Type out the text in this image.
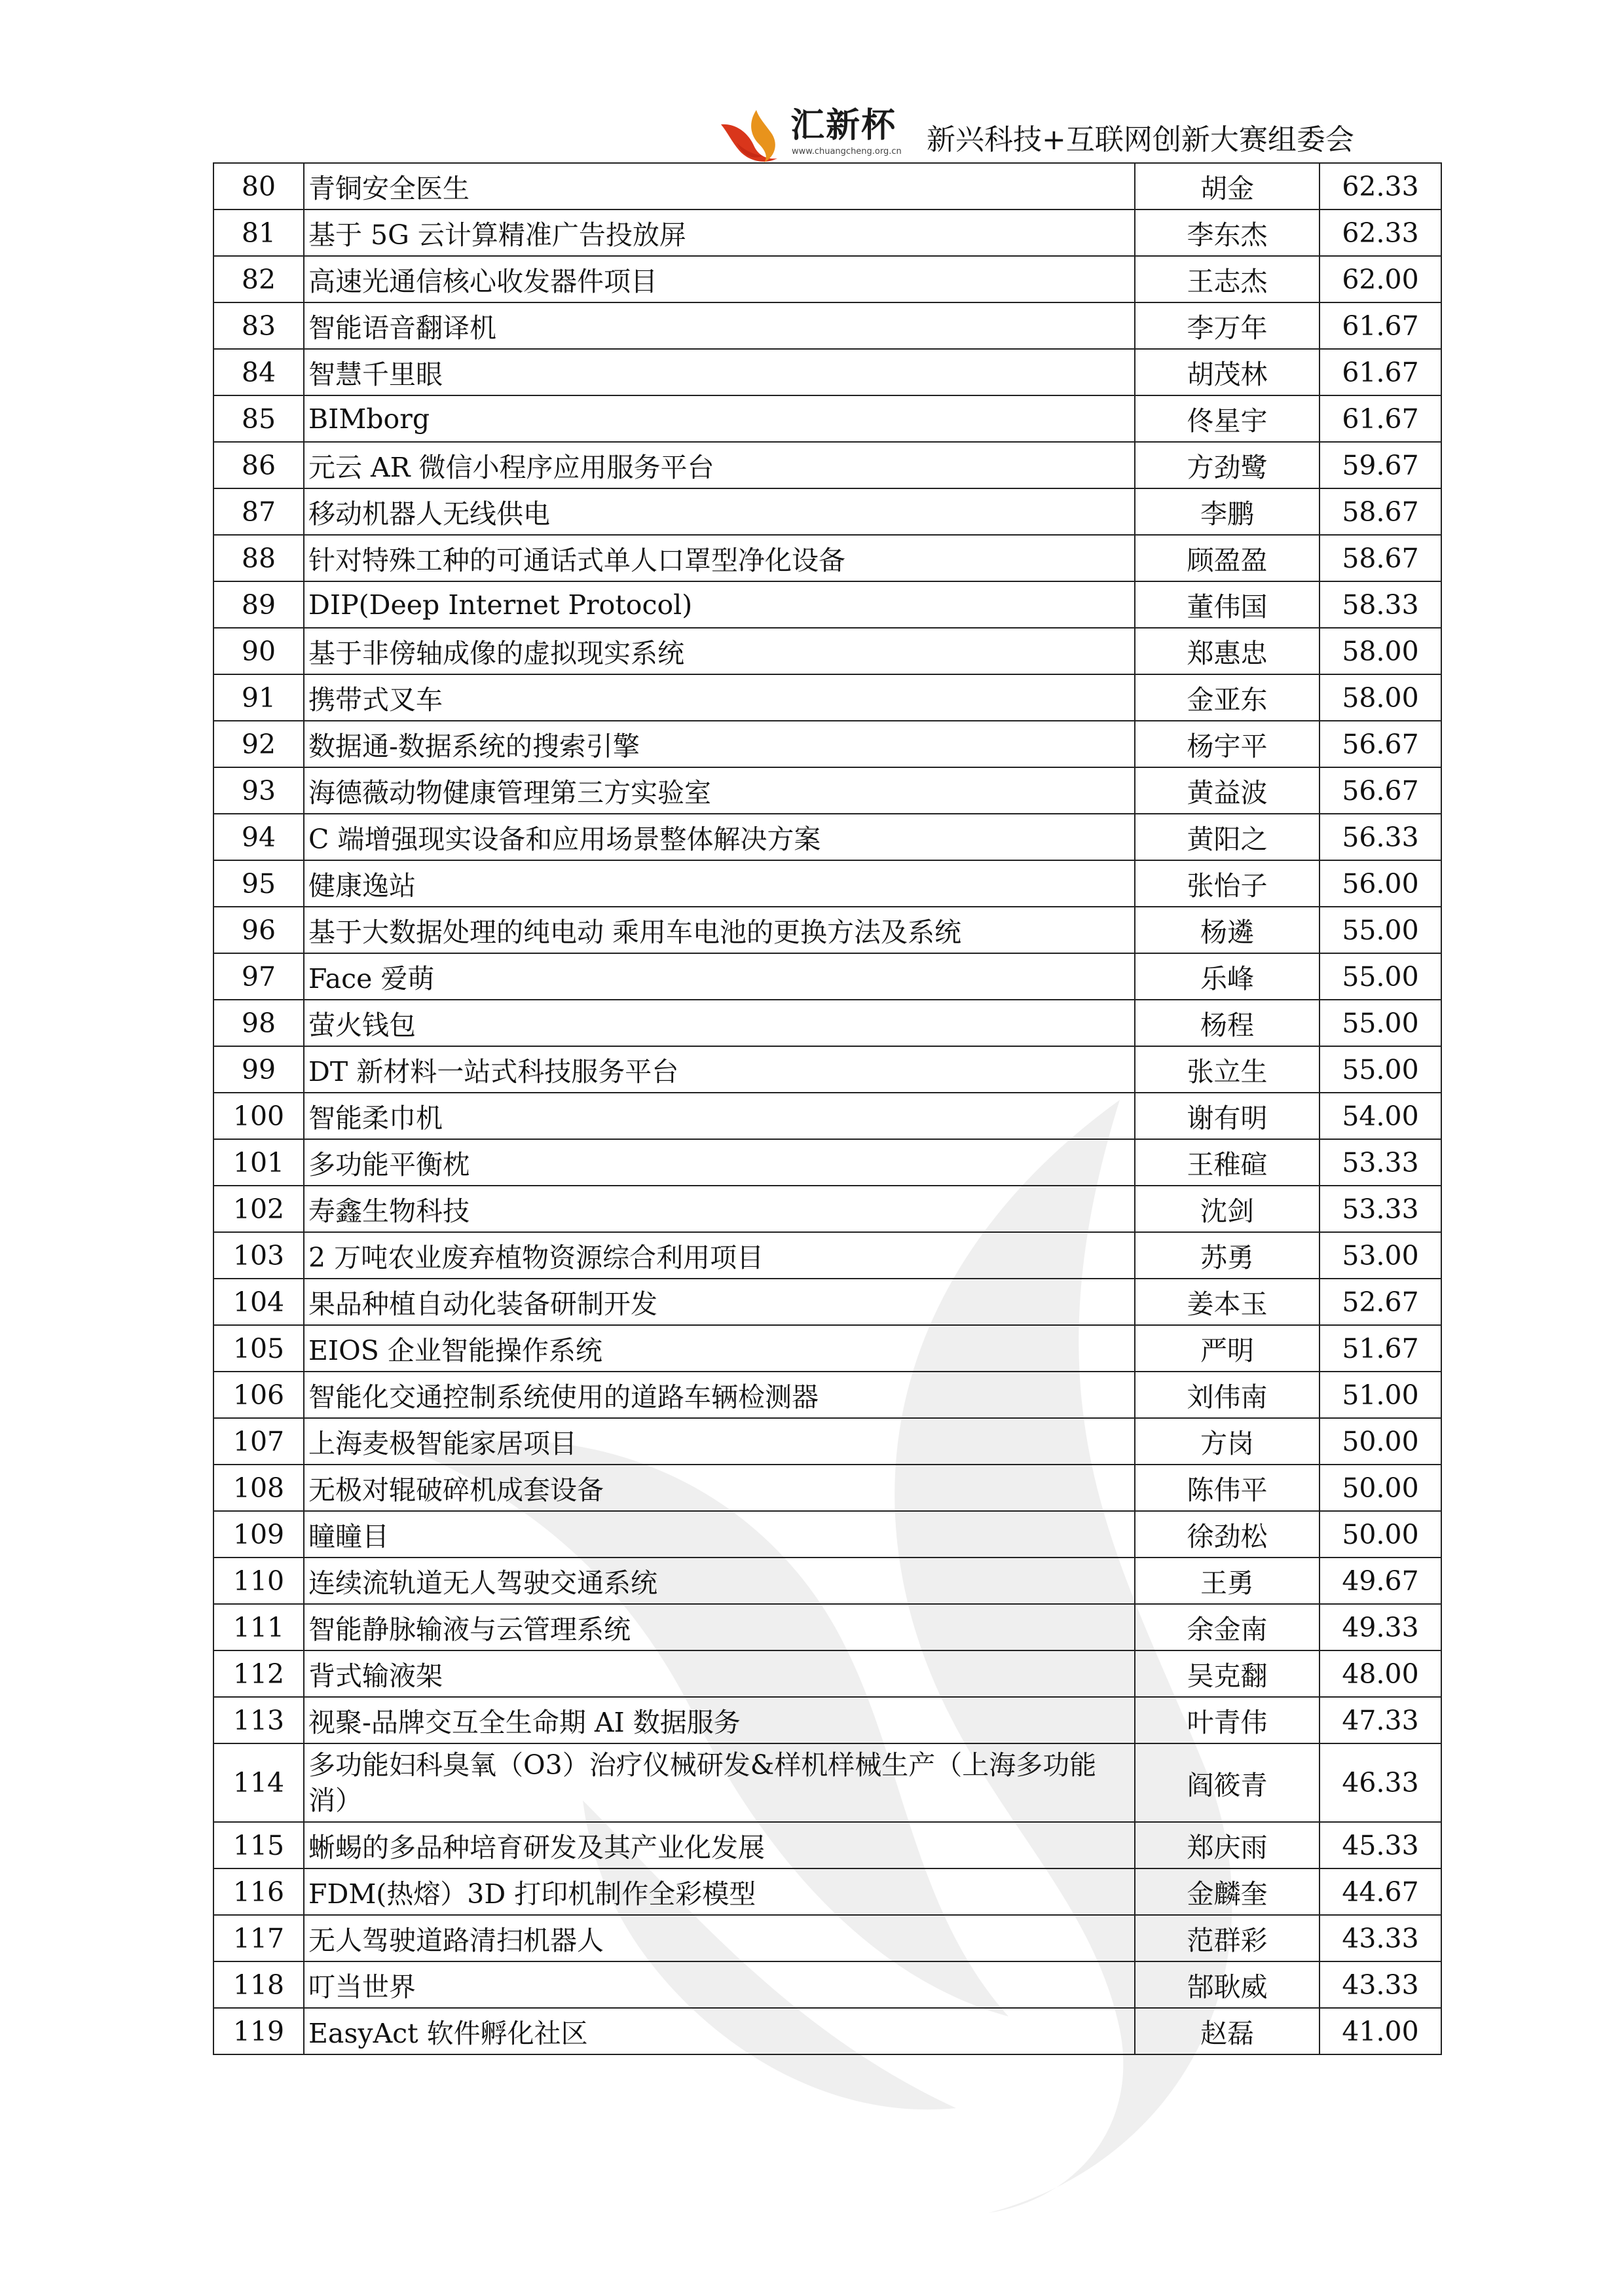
汇新杯
www.chuangcheng.org.cn 新兴科技+互联网创新大赛组委会
80	青铜安全医生	胡金	62.33
81	基于 5G 云计算精准广告投放屏	李东杰	62.33
82	高速光通信核心收发器件项目	王志杰	62.00
83	智能语音翻译机	李万年	61.67
84	智慧千里眼	胡茂林	61.67
85	BIMborg	佟星宇	61.67
86	元云 AR 微信小程序应用服务平台	方劲鹭	59.67
87	移动机器人无线供电	李鹏	58.67
88	针对特殊工种的可通话式单人口罩型净化设备	顾盈盈	58.67
89	DIP(Deep Internet Protocol)	董伟国	58.33
90	基于非傍轴成像的虚拟现实系统	郑惠忠	58.00
91	携带式叉车	金亚东	58.00
92	数据通-数据系统的搜索引擎	杨宇平	56.67
93	海德薇动物健康管理第三方实验室	黄益波	56.67
94	C 端增强现实设备和应用场景整体解决方案	黄阳之	56.33
95	健康逸站	张怡子	56.00
96	基于大数据处理的纯电动 乘用车电池的更换方法及系统	杨遴	55.00
97	Face 爱萌	乐峰	55.00
98	萤火钱包	杨程	55.00
99	DT 新材料一站式科技服务平台	张立生	55.00
100	智能柔巾机	谢有明	54.00
101	多功能平衡枕	王稚碹	53.33
102	寿鑫生物科技	沈剑	53.33
103	2 万吨农业废弃植物资源综合利用项目	苏勇	53.00
104	果品种植自动化装备研制开发	姜本玉	52.67
105	EIOS 企业智能操作系统	严明	51.67
106	智能化交通控制系统使用的道路车辆检测器	刘伟南	51.00
107	上海麦极智能家居项目	方岗	50.00
108	无极对辊破碎机成套设备	陈伟平	50.00
109	瞳瞳目	徐劲松	50.00
110	连续流轨道无人驾驶交通系统	王勇	49.67
111	智能静脉输液与云管理系统	余金南	49.33
112	背式输液架	吴克翻	48.00
113	视聚-品牌交互全生命期 AI 数据服务	叶青伟	47.33
114	多功能妇科臭氧（O3）治疗仪械研发&样机样械生产（上海多功能消）	阎筱青	46.33
115	蜥蜴的多品种培育研发及其产业化发展	郑庆雨	45.33
116	FDM(热熔）3D 打印机制作全彩模型	金麟奎	44.67
117	无人驾驶道路清扫机器人	范群彩	43.33
118	叮当世界	郜耿威	43.33
119	EasyAct 软件孵化社区	赵磊	41.00
